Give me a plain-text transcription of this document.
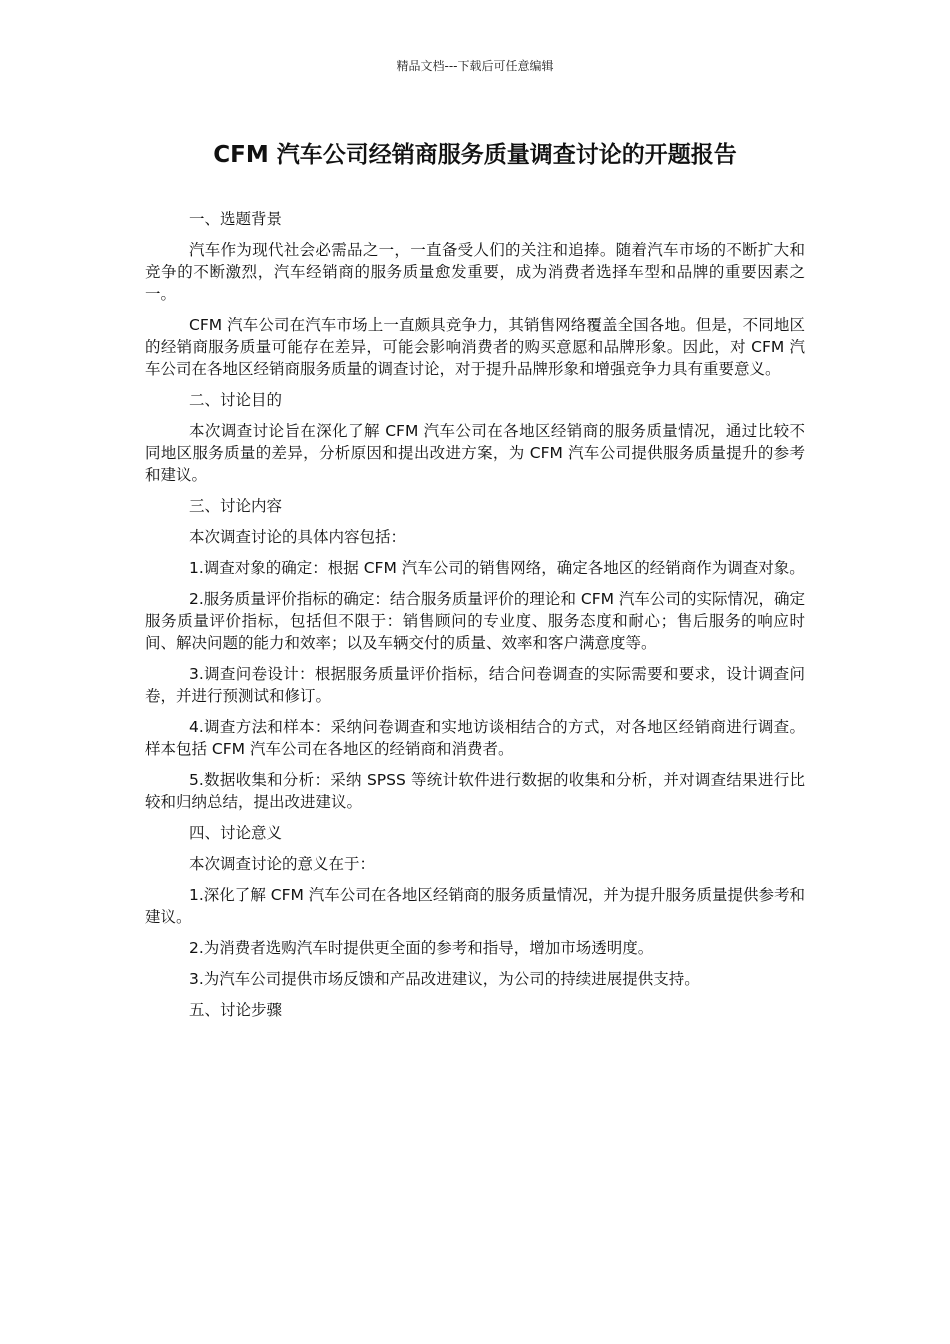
精品文档---下载后可任意编辑
CFM 汽车公司经销商服务质量调查讨论的开题报告
一、选题背景

汽车作为现代社会必需品之一，一直备受人们的关注和追捧。随着汽车市场的不断扩大和竞争的不断激烈，汽车经销商的服务质量愈发重要，成为消费者选择车型和品牌的重要因素之一。

CFM 汽车公司在汽车市场上一直颇具竞争力，其销售网络覆盖全国各地。但是，不同地区的经销商服务质量可能存在差异，可能会影响消费者的购买意愿和品牌形象。因此，对 CFM 汽车公司在各地区经销商服务质量的调查讨论，对于提升品牌形象和增强竞争力具有重要意义。

二、讨论目的

本次调查讨论旨在深化了解 CFM 汽车公司在各地区经销商的服务质量情况，通过比较不同地区服务质量的差异，分析原因和提出改进方案，为 CFM 汽车公司提供服务质量提升的参考和建议。

三、讨论内容

本次调查讨论的具体内容包括：

1.调查对象的确定：根据 CFM 汽车公司的销售网络，确定各地区的经销商作为调查对象。

2.服务质量评价指标的确定：结合服务质量评价的理论和 CFM 汽车公司的实际情况，确定服务质量评价指标，包括但不限于：销售顾问的专业度、服务态度和耐心；售后服务的响应时间、解决问题的能力和效率；以及车辆交付的质量、效率和客户满意度等。

3.调查问卷设计：根据服务质量评价指标，结合问卷调查的实际需要和要求，设计调查问卷，并进行预测试和修订。

4.调查方法和样本：采纳问卷调查和实地访谈相结合的方式，对各地区经销商进行调查。样本包括 CFM 汽车公司在各地区的经销商和消费者。

5.数据收集和分析：采纳 SPSS 等统计软件进行数据的收集和分析，并对调查结果进行比较和归纳总结，提出改进建议。

四、讨论意义

本次调查讨论的意义在于：

1.深化了解 CFM 汽车公司在各地区经销商的服务质量情况，并为提升服务质量提供参考和建议。

2.为消费者选购汽车时提供更全面的参考和指导，增加市场透明度。

3.为汽车公司提供市场反馈和产品改进建议，为公司的持续进展提供支持。

五、讨论步骤
